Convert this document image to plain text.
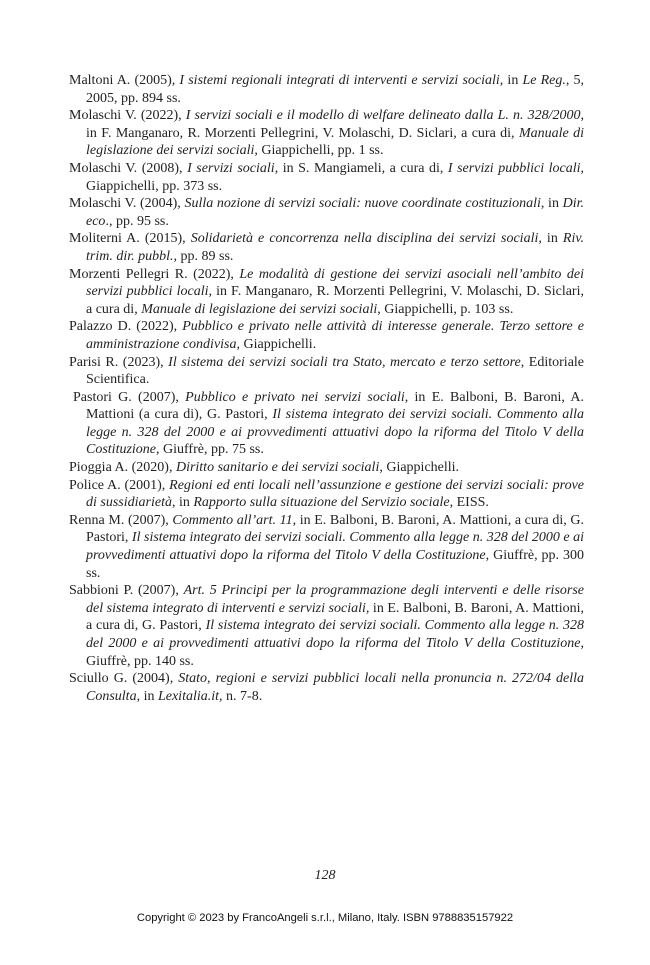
Maltoni A. (2005), I sistemi regionali integrati di interventi e servizi sociali, in Le Reg., 5, 2005, pp. 894 ss.

Molaschi V. (2022), I servizi sociali e il modello di welfare delineato dalla L. n. 328/2000, in F. Manganaro, R. Morzenti Pellegrini, V. Molaschi, D. Siclari, a cura di, Manuale di legislazione dei servizi sociali, Giappichelli, pp. 1 ss.

Molaschi V. (2008), I servizi sociali, in S. Mangiameli, a cura di, I servizi pubblici locali, Giappichelli, pp. 373 ss.

Molaschi V. (2004), Sulla nozione di servizi sociali: nuove coordinate costituzionali, in Dir. eco., pp. 95 ss.

Moliterni A. (2015), Solidarietà e concorrenza nella disciplina dei servizi sociali, in Riv. trim. dir. pubbl., pp. 89 ss.

Morzenti Pellegri R. (2022), Le modalità di gestione dei servizi asociali nell’ambito dei servizi pubblici locali, in F. Manganaro, R. Morzenti Pellegrini, V. Molaschi, D. Siclari, a cura di, Manuale di legislazione dei servizi sociali, Giappichelli, p. 103 ss.

Palazzo D. (2022), Pubblico e privato nelle attività di interesse generale. Terzo settore e amministrazione condivisa, Giappichelli.

Parisi R. (2023), Il sistema dei servizi sociali tra Stato, mercato e terzo settore, Editoriale Scientifica.

Pastori G. (2007), Pubblico e privato nei servizi sociali, in E. Balboni, B. Baroni, A. Mattioni (a cura di), G. Pastori, Il sistema integrato dei servizi sociali. Commento alla legge n. 328 del 2000 e ai provvedimenti attuativi dopo la riforma del Titolo V della Costituzione, Giuffrè, pp. 75 ss.

Pioggia A. (2020), Diritto sanitario e dei servizi sociali, Giappichelli.

Police A. (2001), Regioni ed enti locali nell’assunzione e gestione dei servizi sociali: prove di sussidiarietà, in Rapporto sulla situazione del Servizio sociale, EISS.

Renna M. (2007), Commento all’art. 11, in E. Balboni, B. Baroni, A. Mattioni, a cura di, G. Pastori, Il sistema integrato dei servizi sociali. Commento alla legge n. 328 del 2000 e ai provvedimenti attuativi dopo la riforma del Titolo V della Costituzione, Giuffrè, pp. 300 ss.

Sabbioni P. (2007), Art. 5 Principi per la programmazione degli interventi e delle risorse del sistema integrato di interventi e servizi sociali, in E. Balboni, B. Baroni, A. Mattioni, a cura di, G. Pastori, Il sistema integrato dei servizi sociali. Commento alla legge n. 328 del 2000 e ai provvedimenti attuativi dopo la riforma del Titolo V della Costituzione, Giuffrè, pp. 140 ss.

Sciullo G. (2004), Stato, regioni e servizi pubblici locali nella pronuncia n. 272/04 della Consulta, in Lexitalia.it, n. 7-8.

128
Copyright © 2023 by FrancoAngeli s.r.l., Milano, Italy. ISBN 9788835157922
